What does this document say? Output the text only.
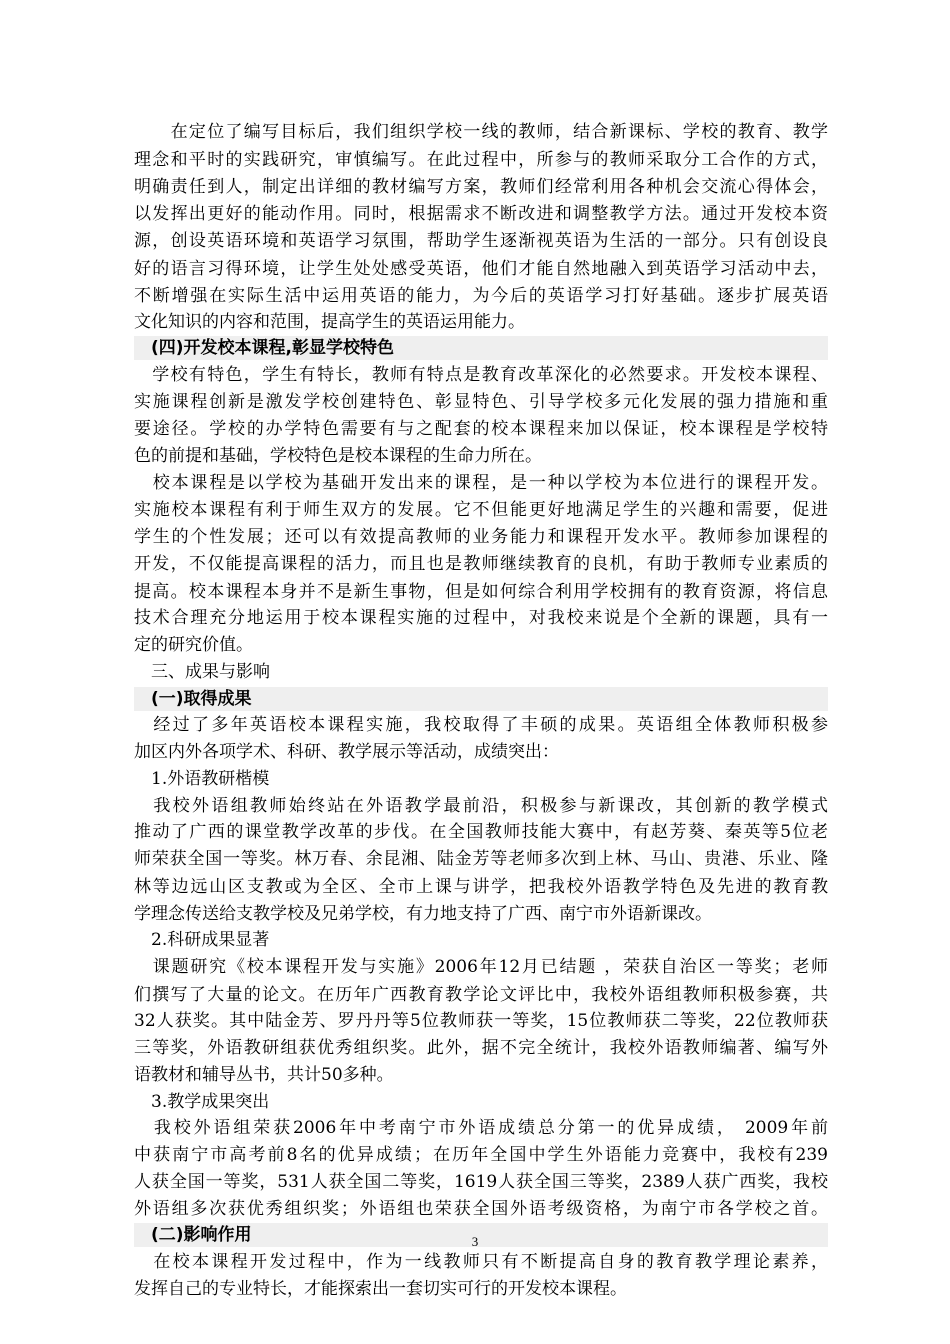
　　在定位了编写目标后，我们组织学校一线的教师，结合新课标、学校的教育、教学
理念和平时的实践研究，审慎编写。在此过程中，所参与的教师采取分工合作的方式，
明确责任到人，制定出详细的教材编写方案，教师们经常利用各种机会交流心得体会，
以发挥出更好的能动作用。同时，根据需求不断改进和调整教学方法。通过开发校本资
源，创设英语环境和英语学习氛围，帮助学生逐渐视英语为生活的一部分。只有创设良
好的语言习得环境，让学生处处感受英语，他们才能自然地融入到英语学习活动中去，
不断增强在实际生活中运用英语的能力，为今后的英语学习打好基础。逐步扩展英语
文化知识的内容和范围，提高学生的英语运用能力。
　(四)开发校本课程,彰显学校特色
　学校有特色，学生有特长，教师有特点是教育改革深化的必然要求。开发校本课程、
实施课程创新是激发学校创建特色、彰显特色、引导学校多元化发展的强力措施和重
要途径。学校的办学特色需要有与之配套的校本课程来加以保证，校本课程是学校特
色的前提和基础，学校特色是校本课程的生命力所在。
　校本课程是以学校为基础开发出来的课程，是一种以学校为本位进行的课程开发。
实施校本课程有利于师生双方的发展。它不但能更好地满足学生的兴趣和需要，促进
学生的个性发展；还可以有效提高教师的业务能力和课程开发水平。教师参加课程的
开发，不仅能提高课程的活力，而且也是教师继续教育的良机，有助于教师专业素质的
提高。校本课程本身并不是新生事物，但是如何综合利用学校拥有的教育资源，将信息
技术合理充分地运用于校本课程实施的过程中，对我校来说是个全新的课题，具有一
定的研究价值。
　三、成果与影响
　(一)取得成果
　经过了多年英语校本课程实施，我校取得了丰硕的成果。英语组全体教师积极参
加区内外各项学术、科研、教学展示等活动，成绩突出：
　1.外语教研楷模
　我校外语组教师始终站在外语教学最前沿，积极参与新课改，其创新的教学模式
推动了广西的课堂教学改革的步伐。在全国教师技能大赛中，有赵芳葵、秦英等5位老
师荣获全国一等奖。林万春、余昆湘、陆金芳等老师多次到上林、马山、贵港、乐业、隆
林等边远山区支教或为全区、全市上课与讲学，把我校外语教学特色及先进的教育教
学理念传送给支教学校及兄弟学校，有力地支持了广西、南宁市外语新课改。
　2.科研成果显著
　课题研究《校本课程开发与实施》2006年12月已结题 ，荣获自治区一等奖；老师
们撰写了大量的论文。在历年广西教育教学论文评比中，我校外语组教师积极参赛，共
32人获奖。其中陆金芳、罗丹丹等5位教师获一等奖，15位教师获二等奖，22位教师获
三等奖，外语教研组获优秀组织奖。此外，据不完全统计，我校外语教师编著、编写外
语教材和辅导丛书，共计50多种。
　3.教学成果突出
　我校外语组荣获2006年中考南宁市外语成绩总分第一的优异成绩， 2009年前
中获南宁市高考前8名的优异成绩；在历年全国中学生外语能力竞赛中，我校有239
人获全国一等奖，531人获全国二等奖，1619人获全国三等奖，2389人获广西奖，我校
外语组多次获优秀组织奖；外语组也荣获全国外语考级资格，为南宁市各学校之首。
　(二)影响作用
　在校本课程开发过程中，作为一线教师只有不断提高自身的教育教学理论素养，
发挥自己的专业特长，才能探索出一套切实可行的开发校本课程。
3
